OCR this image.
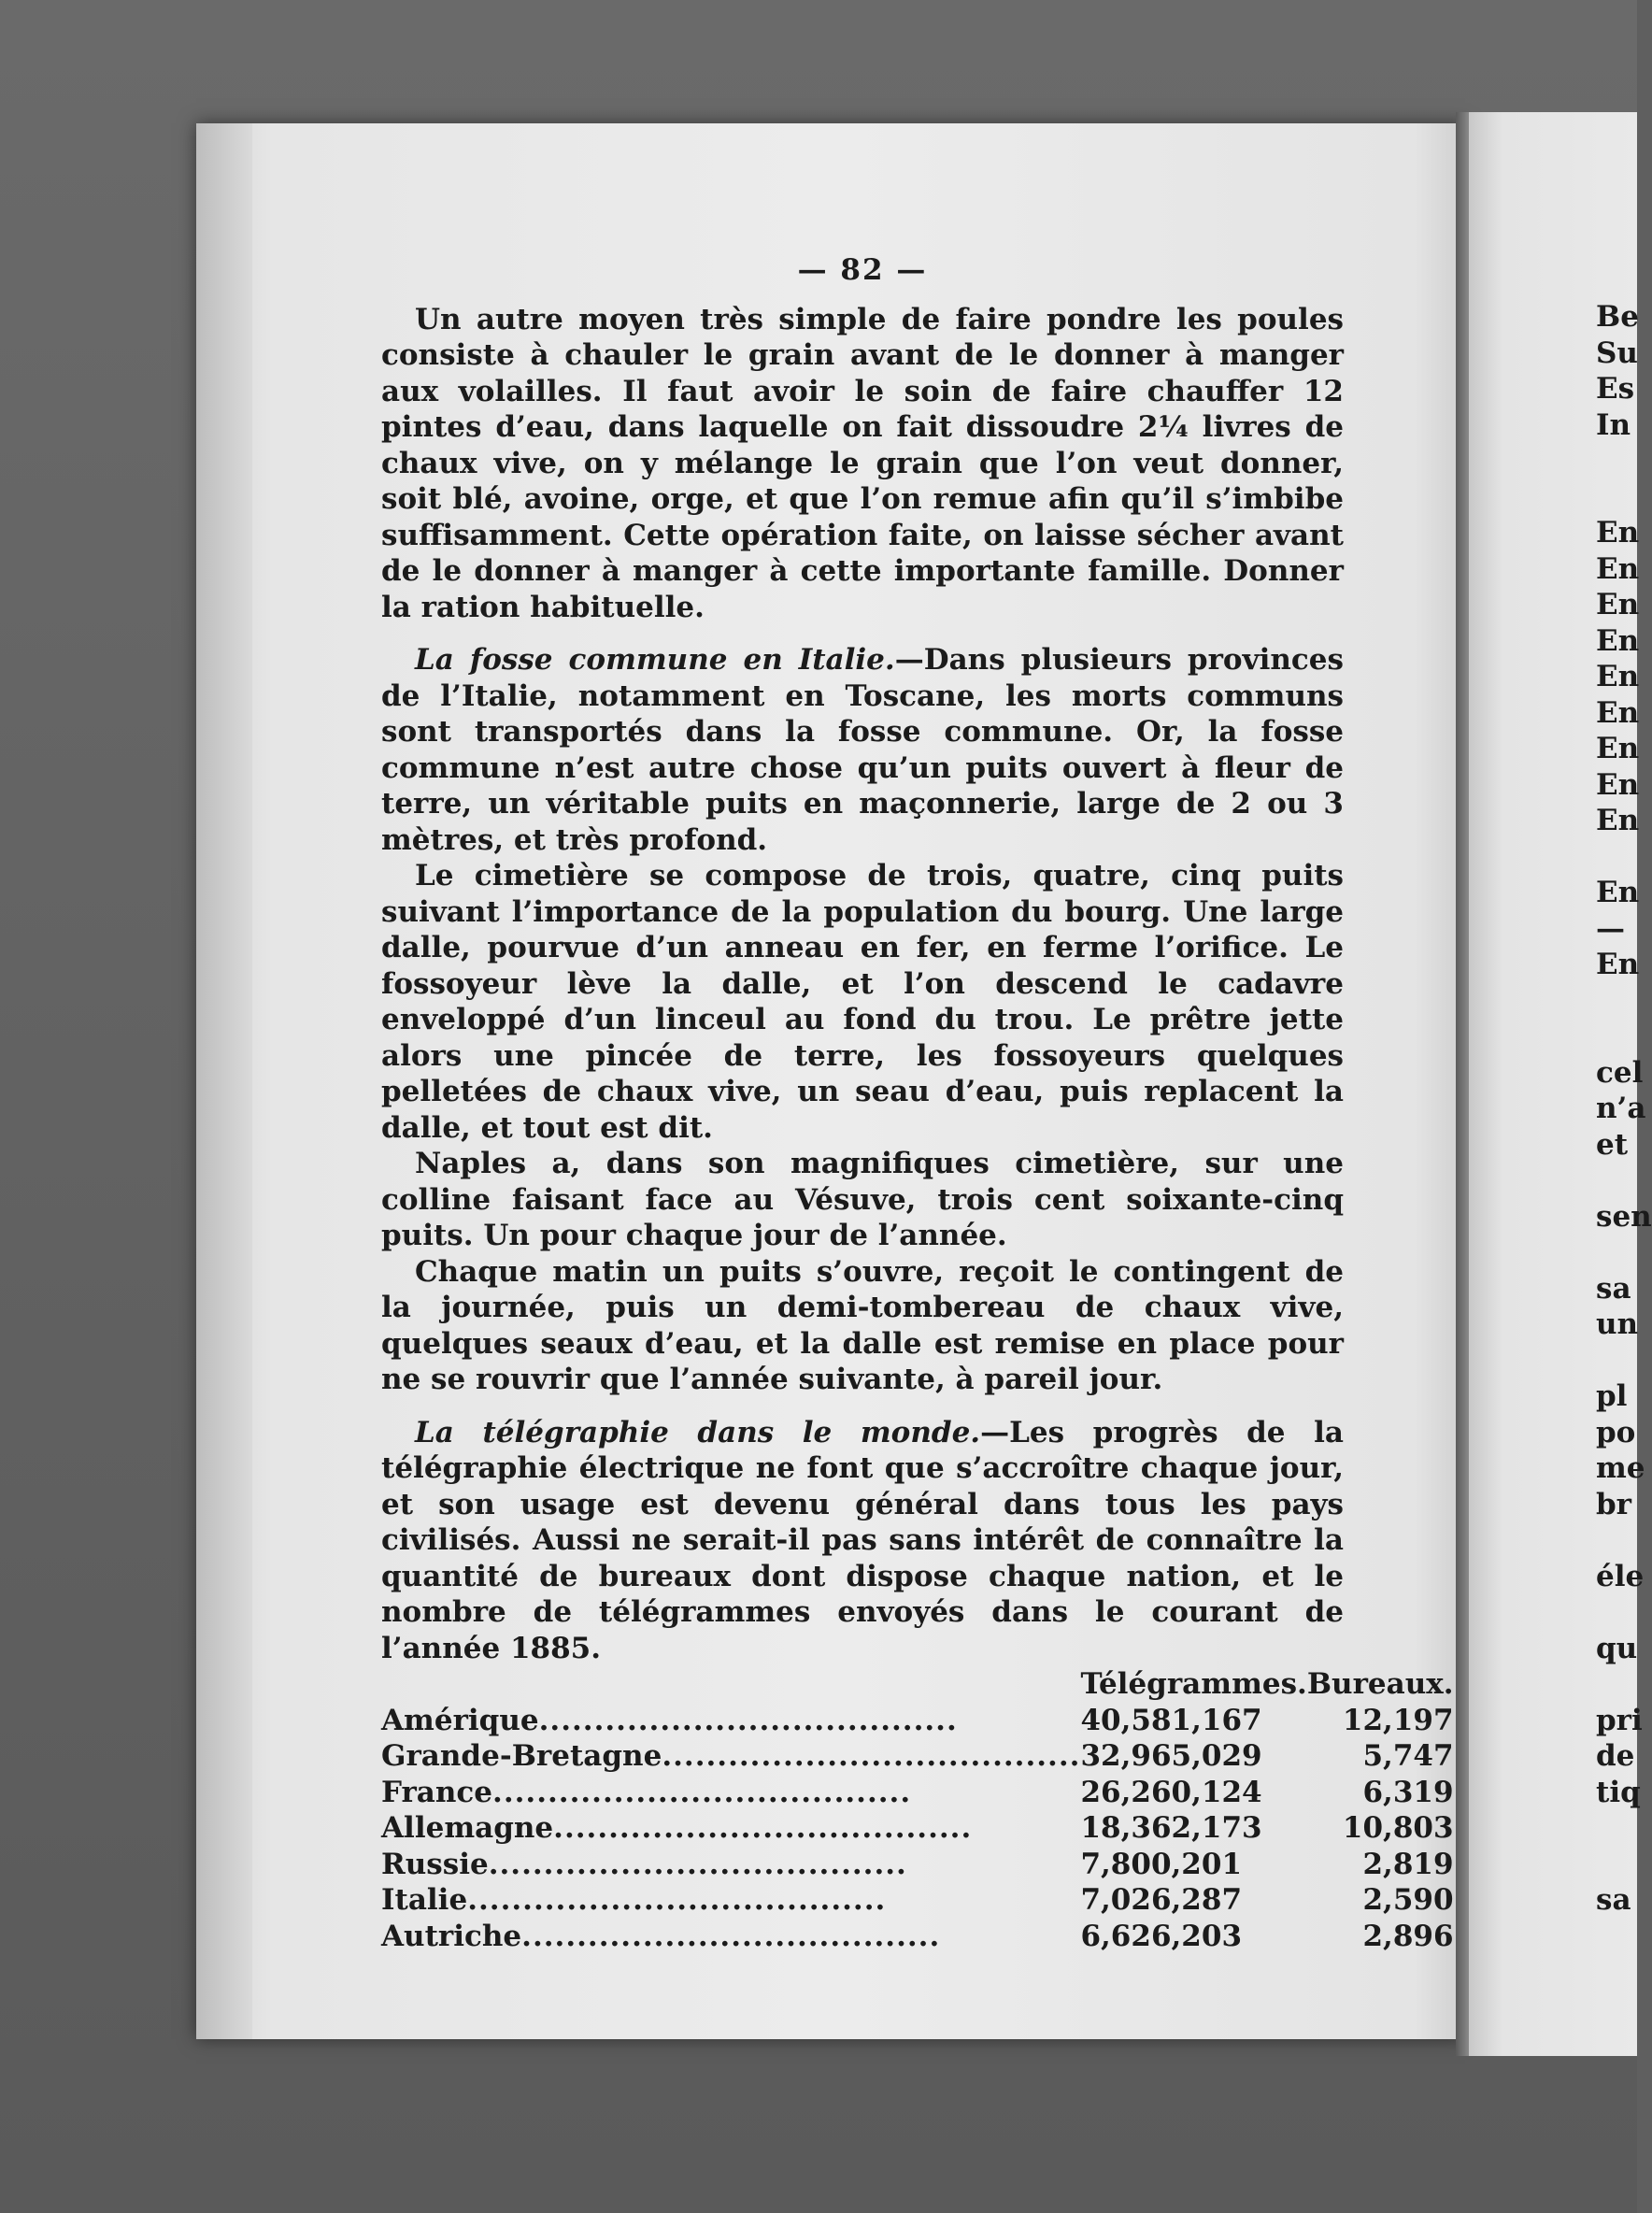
— 82 —

Un autre moyen très simple de faire pondre les poules consiste à chauler le grain avant de le donner à manger aux volailles. Il faut avoir le soin de faire chauffer 12 pintes d’eau, dans laquelle on fait dissoudre 2¼ livres de chaux vive, on y mélange le grain que l’on veut donner, soit blé, avoine, orge, et que l’on remue afin qu’il s’imbibe suffisamment. Cette opération faite, on laisse sécher avant de le donner à manger à cette importante famille. Donner la ration habituelle.

La fosse commune en Italie.—Dans plusieurs provinces de l’Italie, notamment en Toscane, les morts communs sont transportés dans la fosse commune. Or, la fosse commune n’est autre chose qu’un puits ouvert à fleur de terre, un véritable puits en maçonnerie, large de 2 ou 3 mètres, et très profond.

Le cimetière se compose de trois, quatre, cinq puits suivant l’importance de la population du bourg. Une large dalle, pourvue d’un anneau en fer, en ferme l’orifice. Le fossoyeur lève la dalle, et l’on descend le cadavre enveloppé d’un linceul au fond du trou. Le prêtre jette alors une pincée de terre, les fossoyeurs quelques pelletées de chaux vive, un seau d’eau, puis replacent la dalle, et tout est dit.

Naples a, dans son magnifiques cimetière, sur une colline faisant face au Vésuve, trois cent soixante-cinq puits. Un pour chaque jour de l’année.

Chaque matin un puits s’ouvre, reçoit le contingent de la journée, puis un demi-tombereau de chaux vive, quelques seaux d’eau, et la dalle est remise en place pour ne se rouvrir que l’année suivante, à pareil jour.

La télégraphie dans le monde.—Les progrès de la télégraphie électrique ne font que s’accroître chaque jour, et son usage est devenu général dans tous les pays civilisés. Aussi ne serait-il pas sans intérêt de connaître la quantité de bureaux dont dispose chaque nation, et le nombre de télégrammes envoyés dans le courant de l’année 1885.

	Télégrammes.	Bureaux.
Amérique......................................	40,581,167	12,197
Grande-Bretagne......................................	32,965,029	5,747
France......................................	26,260,124	6,319
Allemagne......................................	18,362,173	10,803
Russie......................................	7,800,201	2,819
Italie......................................	7,026,287	2,590
Autriche......................................	6,626,203	2,896
Be
Su
Es
In
En
En
En
En
En
En
En
En
En
En
—
En
cel
n’a
et
sen
sa
un
pl
po
me
br
éle
qu
pri
de
tiq
sa
